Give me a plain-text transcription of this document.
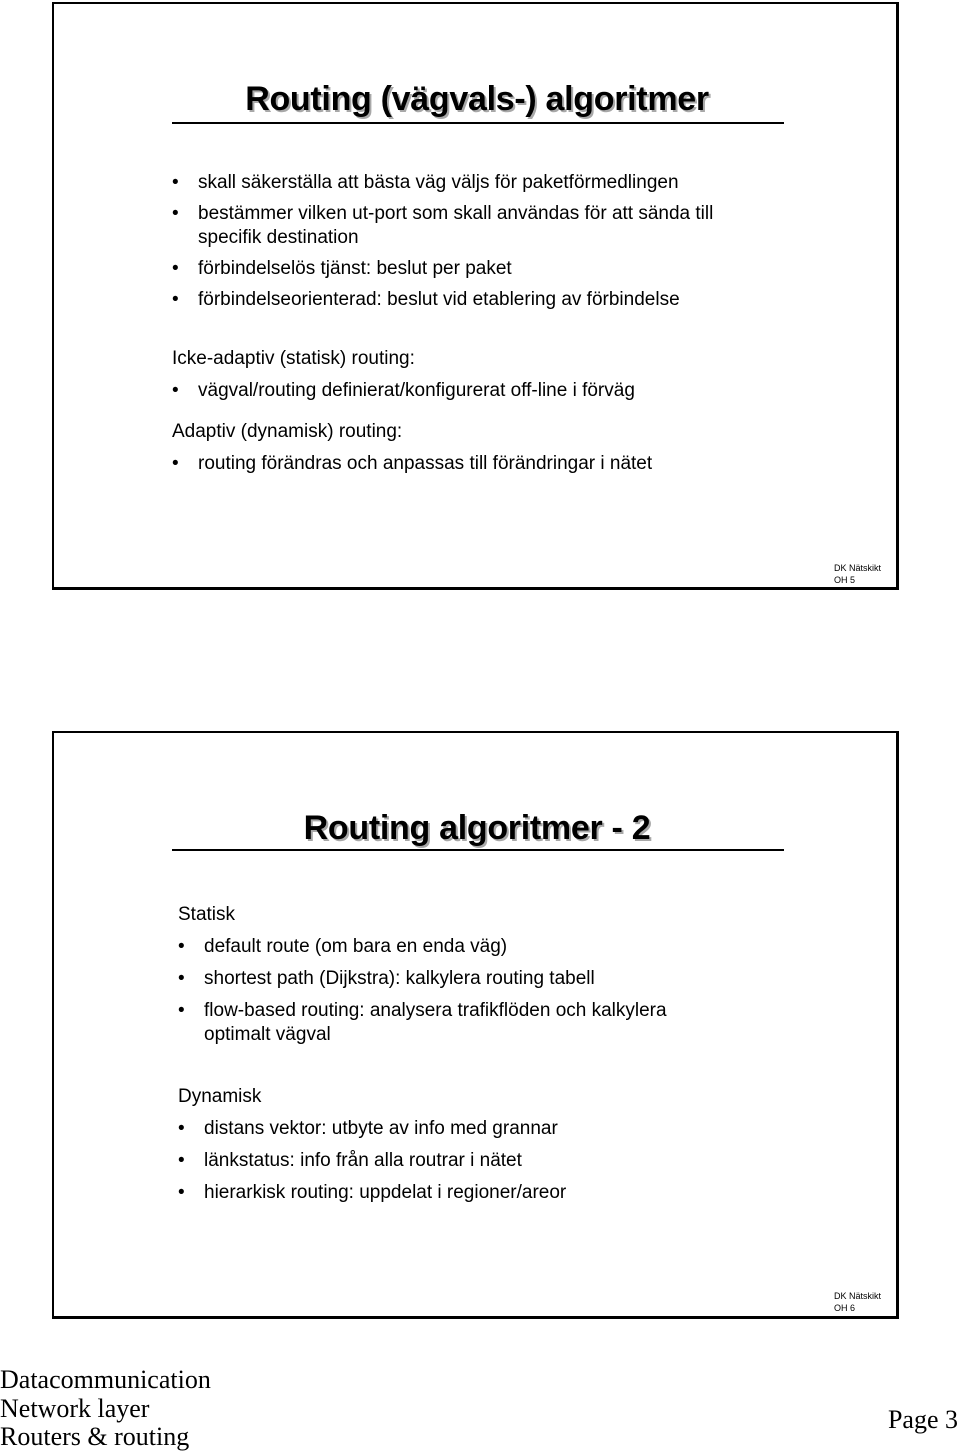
Routing (vägvals-) algoritmer
• skall säkerställa att bästa väg väljs för paketförmedlingen
• bestämmer vilken ut-port som skall användas för att sända till
specifik destination
• förbindelselös tjänst: beslut per paket
• förbindelseorienterad: beslut vid etablering av förbindelse

Icke-adaptiv (statisk) routing:

• vägval/routing definierat/konfigurerat off-line i förväg

Adaptiv (dynamisk) routing:

• routing förändras och anpassas till förändringar i nätet
DK Nätskikt
OH 5
Routing algoritmer - 2

Statisk

• default route (om bara en enda väg)
• shortest path (Dijkstra): kalkylera routing tabell
• flow-based routing: analysera trafikflöden och kalkylera
optimalt vägval

Dynamisk

• distans vektor: utbyte av info med grannar
• länkstatus: info från alla routrar i nätet
• hierarkisk routing: uppdelat i regioner/areor
DK Nätskikt
OH 6
Datacommunication
Network layer
Routers & routing
Page 3
